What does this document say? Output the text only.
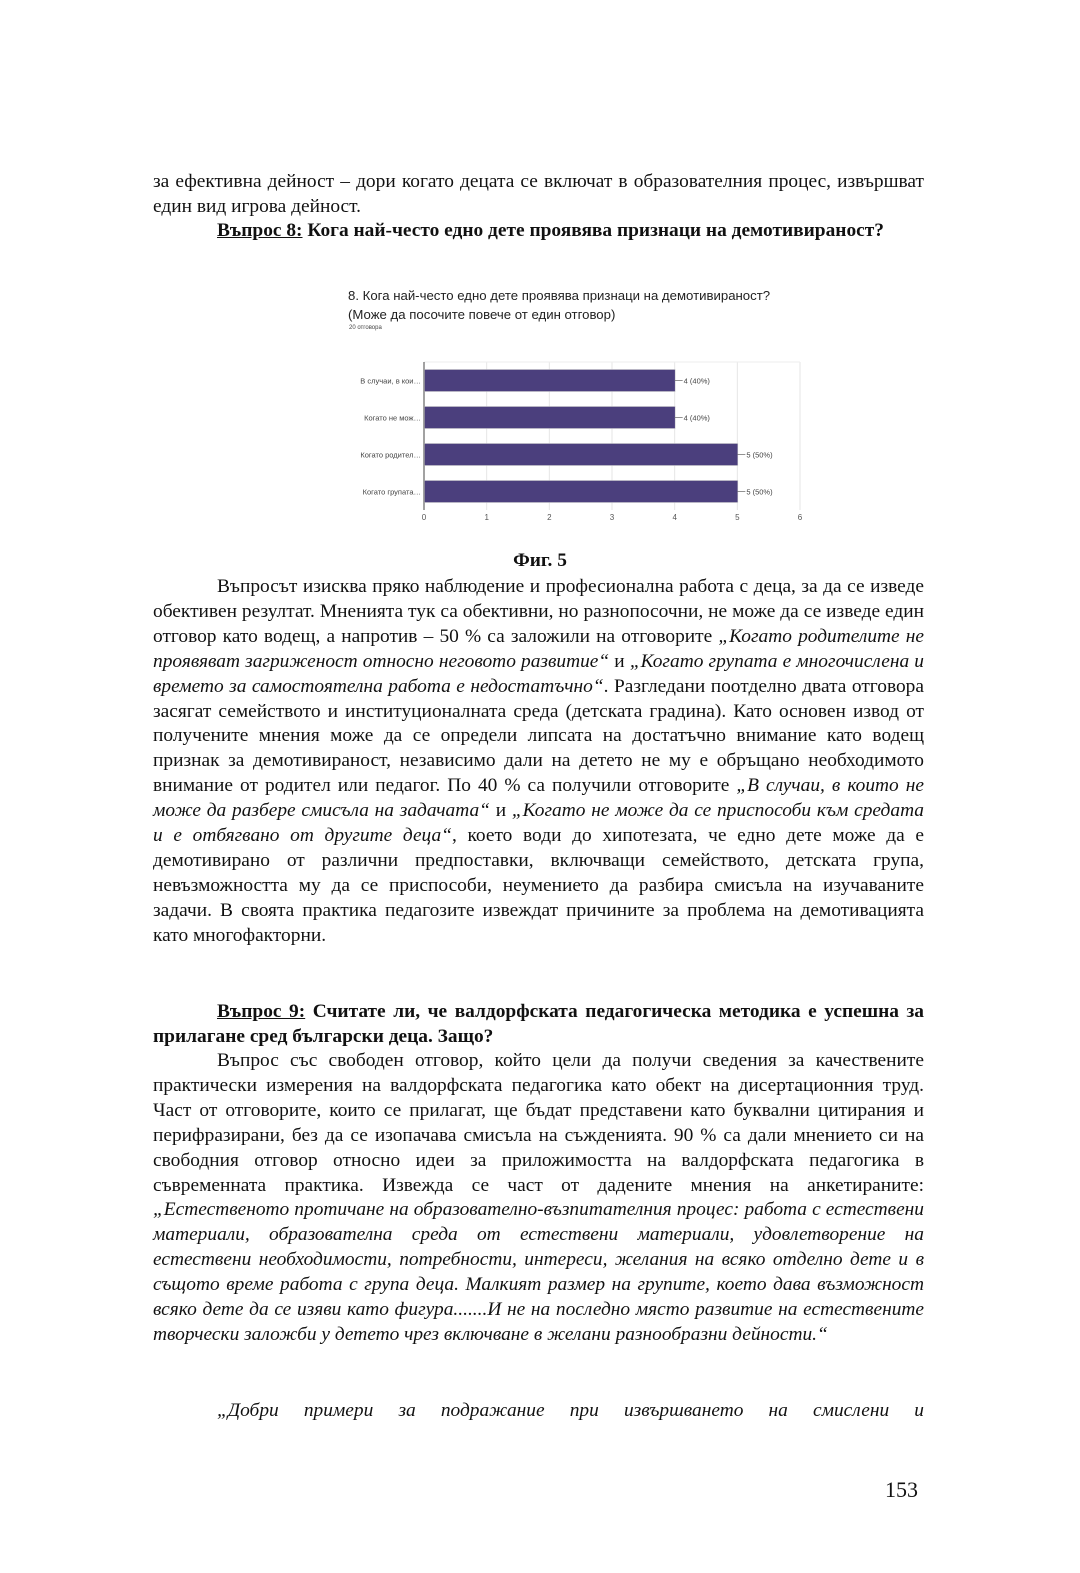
за ефективна дейност – дори когато децата се включат в образователния процес, извършват един вид игрова дейност.
Въпрос 8: Кога най-често едно дете проявява признаци на демотивираност?
8. Кога най-често едно дете проявява признаци на демотивираност? (Може да посочите повече от един отговор)
20 отговора
0	1	2	3	4	5	6
В случаи, в кои…	4 (40%)
Когато не мож…	4 (40%)
Когато родител…	5 (50%)
Когато групата…	5 (50%)
Фиг. 5
Въпросът изисква пряко наблюдение и професионална работа с деца, за да се изведе обективен резултат. Мненията тук са обективни, но разнопосочни, не може да се изведе един отговор като водещ, а напротив – 50 % са заложили на отговорите „Когато родителите не проявяват загриженост относно неговото развитие“ и „Когато групата е многочислена и времето за самостоятелна работа е недостатъчно“. Разгледани поотделно двата отговора засягат семейството и институционалната среда (детската градина). Като основен извод от получените мнения може да се определи липсата на достатъчно внимание като водещ признак за демотивираност, независимо дали на детето не му е обръщано необходимото внимание от родител или педагог. По 40 % са получили отговорите „В случаи, в които не може да разбере смисъла на задачата“ и „Когато не може да се приспособи към средата и е отбягвано от другите деца“, което води до хипотезата, че едно дете може да е демотивирано от различни предпоставки, включващи семейството, детската група, невъзможността му да се приспособи, неумението да разбира смисъла на изучаваните задачи. В своята практика педагозите извеждат причините за проблема на демотивацията като многофакторни.
Въпрос 9: Считате ли, че валдорфската педагогическа методика е успешна за прилагане сред български деца. Защо?
Въпрос със свободен отговор, който цели да получи сведения за качествените практически измерения на валдорфската педагогика като обект на дисертационния труд. Част от отговорите, които се прилагат, ще бъдат представени като буквални цитирания и перифразирани, без да се изопачава смисъла на съжденията. 90 % са дали мнението си на свободния отговор относно идеи за приложимостта на валдорфската педагогика в съвременната практика. Извежда се част от дадените мнения на анкетираните: „Естественото протичане на образователно-възпитателния процес: работа с естествени материали, образователна среда от естествени материали, удовлетворение на естествени необходимости, потребности, интереси, желания на всяко отделно дете и в същото време работа с група деца. Малкият размер на групите, което дава възможност всяко дете да се изяви като фигура.......И не на последно място развитие на естествените творчески заложби у детето чрез включване в желани разнообразни дейности.“
„Добри примери за подражание при извършването на смислени и
153
